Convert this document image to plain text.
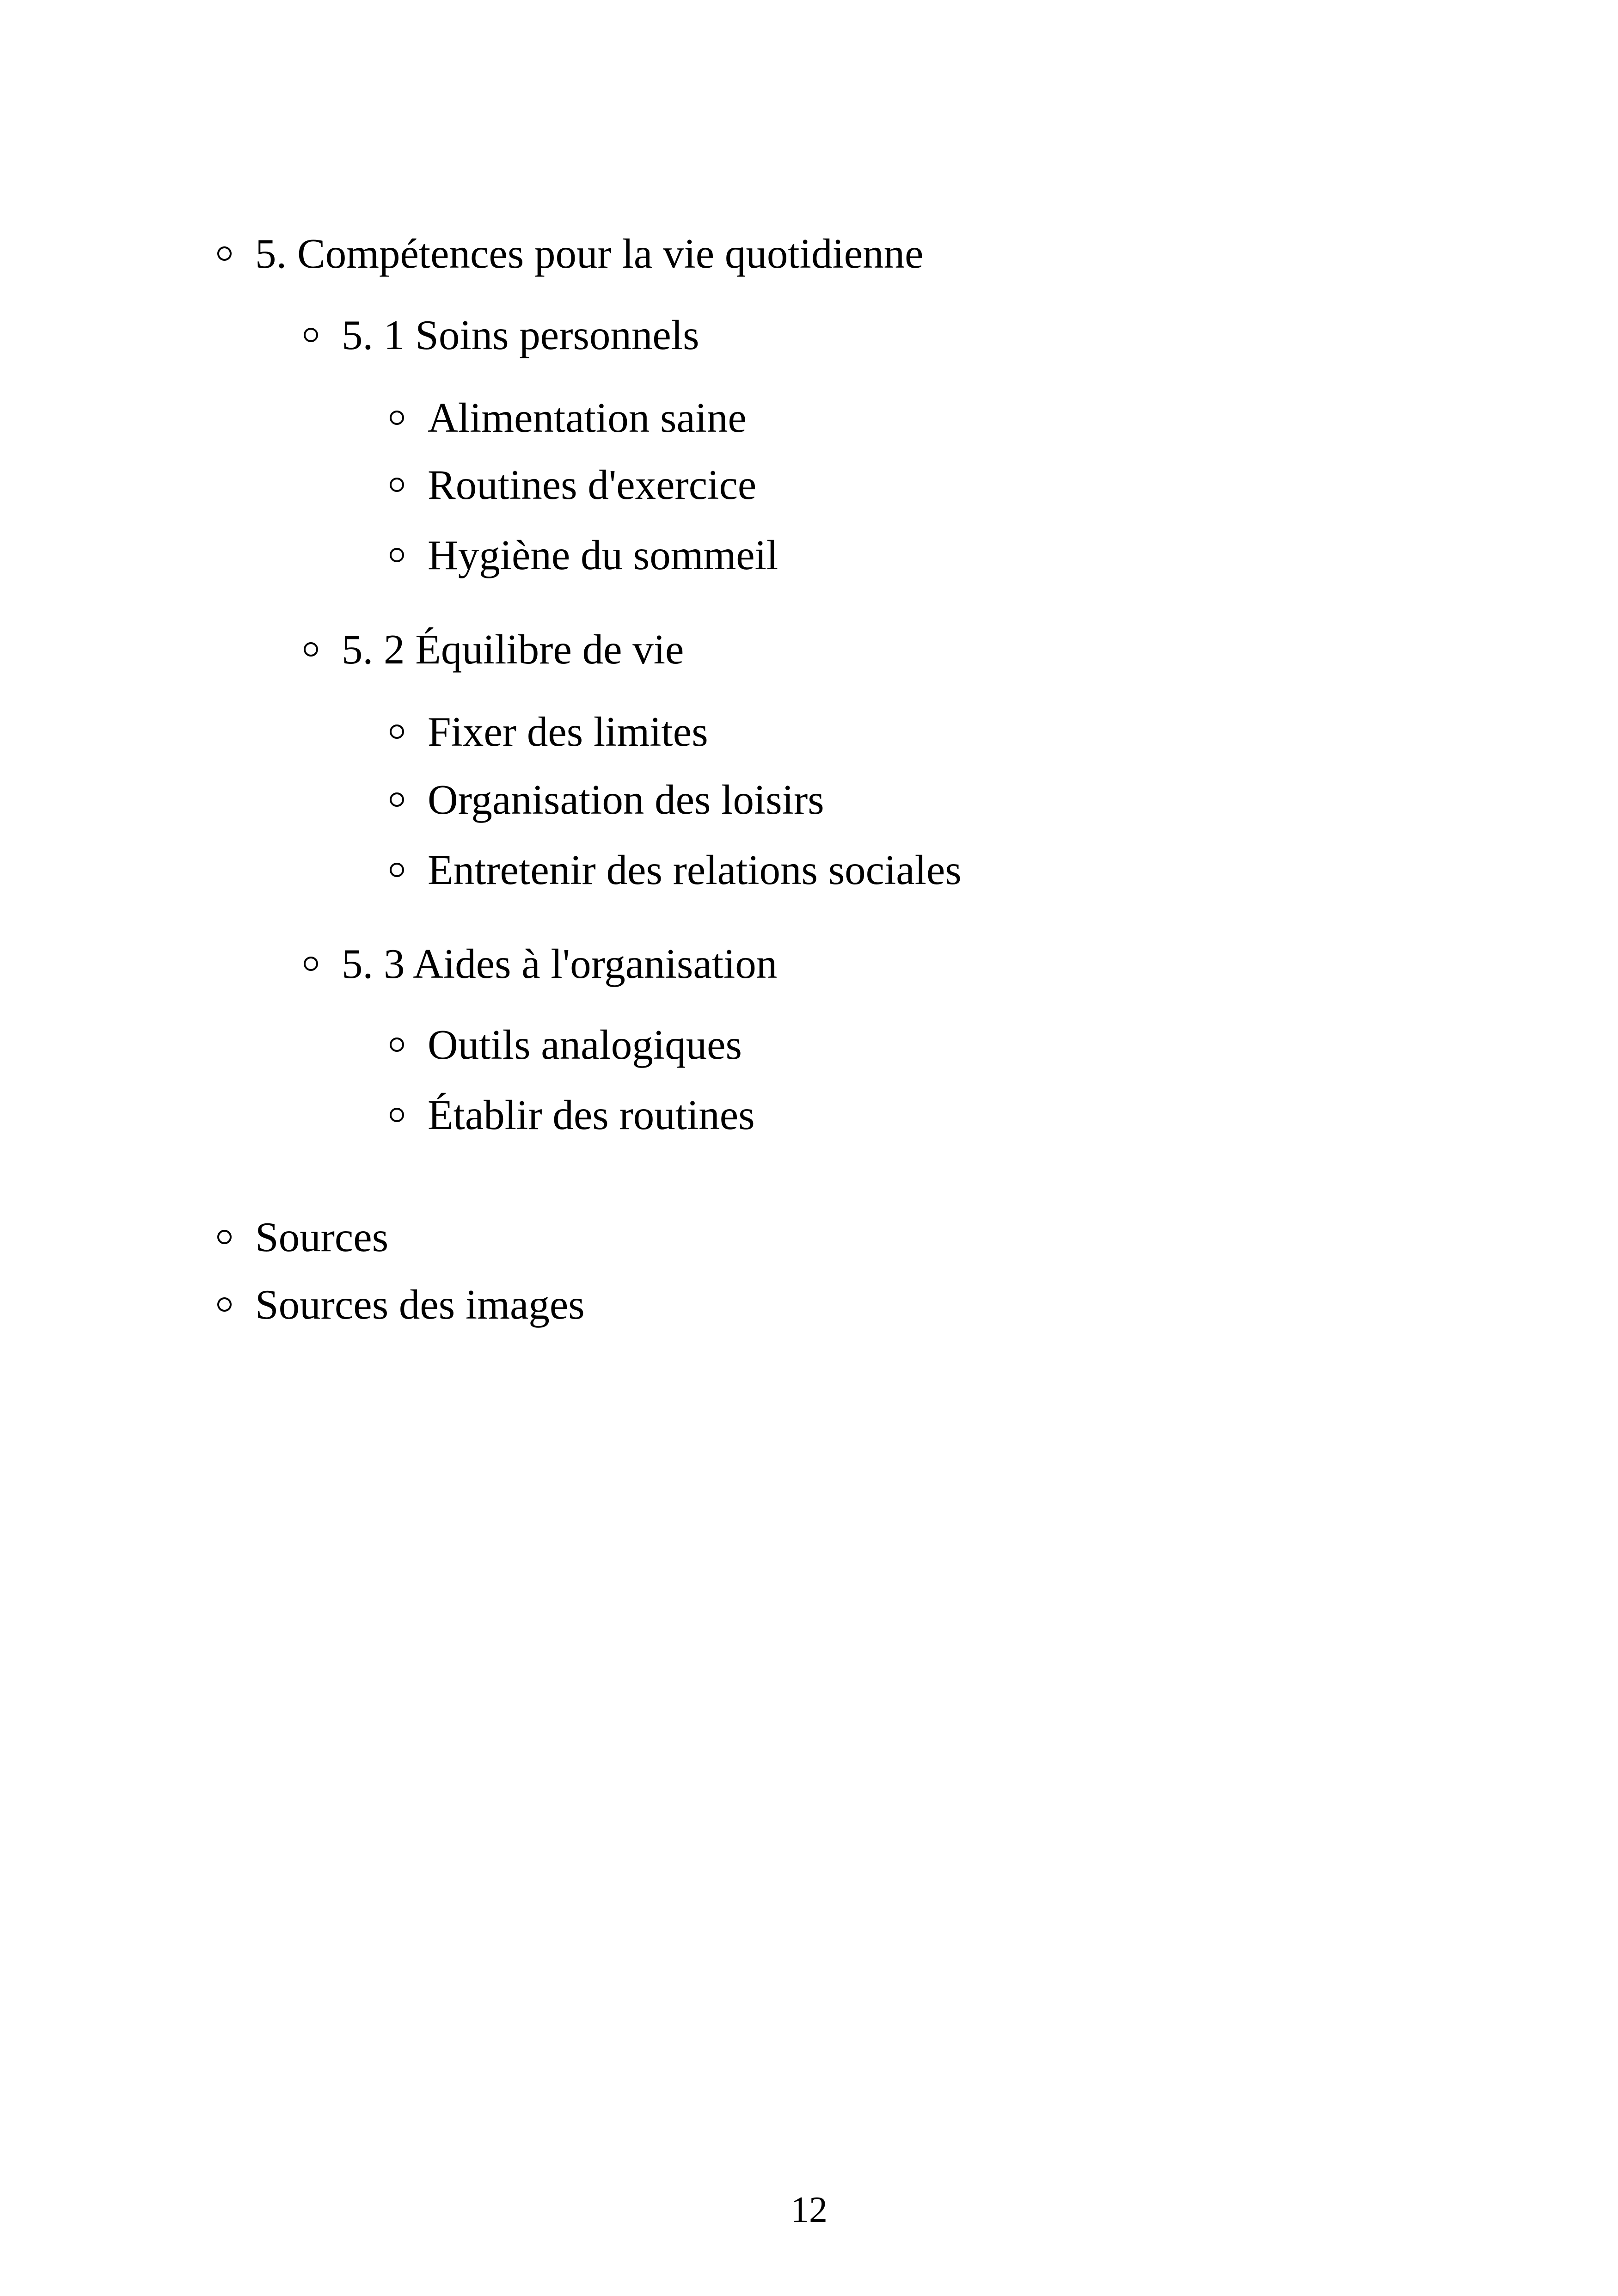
5. Compétences pour la vie quotidienne
5. 1 Soins personnels
Alimentation saine
Routines d'exercice
Hygiène du sommeil
5. 2 Équilibre de vie
Fixer des limites
Organisation des loisirs
Entretenir des relations sociales
5. 3 Aides à l'organisation
Outils analogiques
Établir des routines
Sources
Sources des images
12
